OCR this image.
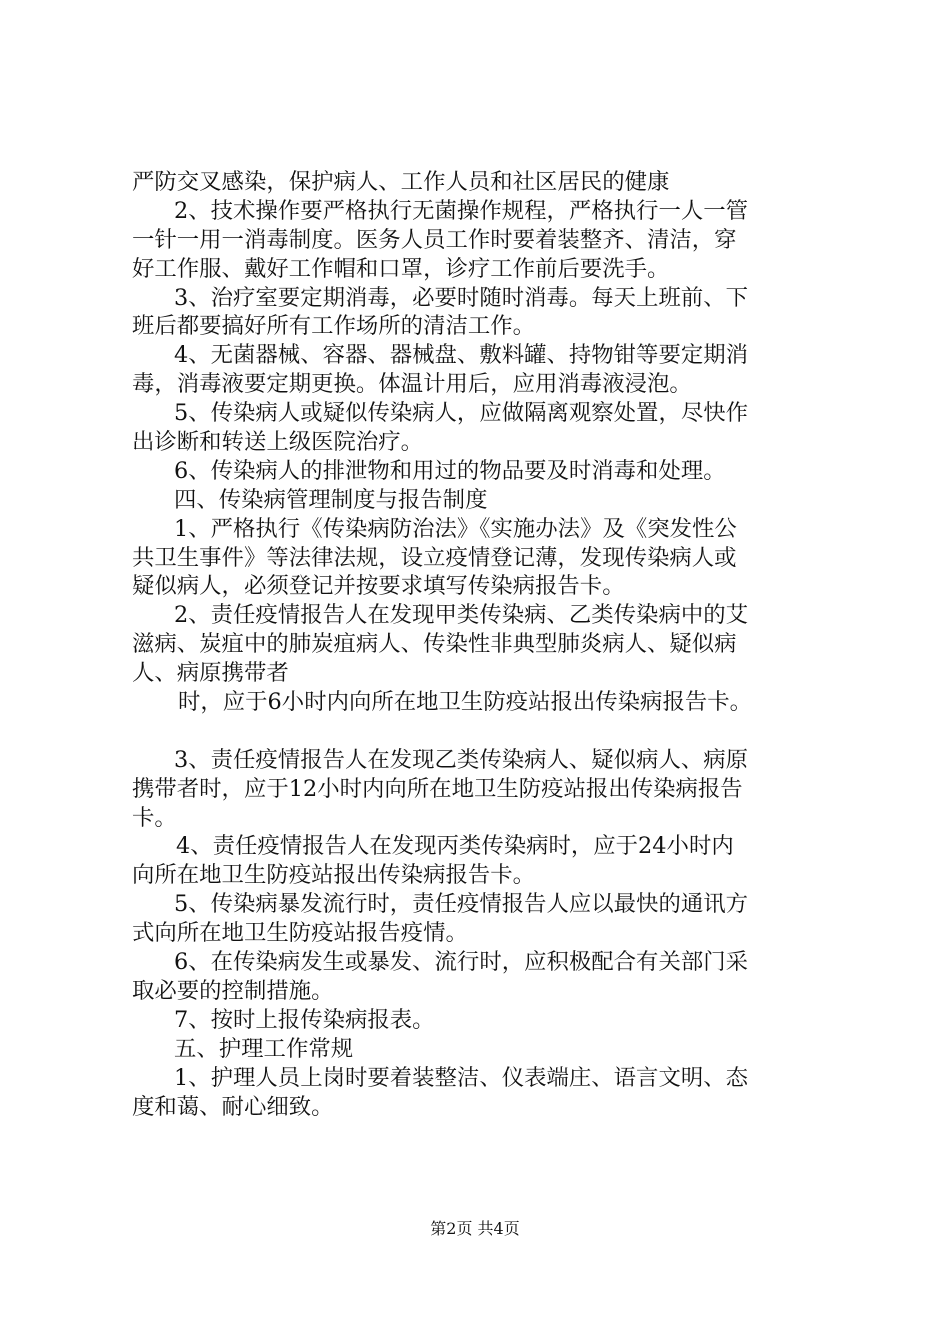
严防交叉感染，保护病人、工作人员和社区居民的健康
2、技术操作要严格执行无菌操作规程，严格执行一人一管
一针一用一消毒制度。医务人员工作时要着装整齐、清洁，穿
好工作服、戴好工作帽和口罩，诊疗工作前后要洗手。
3、治疗室要定期消毒，必要时随时消毒。每天上班前、下
班后都要搞好所有工作场所的清洁工作。
4、无菌器械、容器、器械盘、敷料罐、持物钳等要定期消
毒，消毒液要定期更换。体温计用后，应用消毒液浸泡。
5、传染病人或疑似传染病人，应做隔离观察处置，尽快作
出诊断和转送上级医院治疗。
6、传染病人的排泄物和用过的物品要及时消毒和处理。
四、传染病管理制度与报告制度
1、严格执行《传染病防治法》《实施办法》及《突发性公
共卫生事件》等法律法规，设立疫情登记薄，发现传染病人或
疑似病人，必须登记并按要求填写传染病报告卡。
2、责任疫情报告人在发现甲类传染病、乙类传染病中的艾
滋病、炭疽中的肺炭疽病人、传染性非典型肺炎病人、疑似病
人、病原携带者
时，应于6小时内向所在地卫生防疫站报出传染病报告卡。
3、责任疫情报告人在发现乙类传染病人、疑似病人、病原
携带者时，应于12小时内向所在地卫生防疫站报出传染病报告
卡。
4、责任疫情报告人在发现丙类传染病时，应于24小时内
向所在地卫生防疫站报出传染病报告卡。
5、传染病暴发流行时，责任疫情报告人应以最快的通讯方
式向所在地卫生防疫站报告疫情。
6、在传染病发生或暴发、流行时，应积极配合有关部门采
取必要的控制措施。
7、按时上报传染病报表。
五、护理工作常规
1、护理人员上岗时要着装整洁、仪表端庄、语言文明、态
度和蔼、耐心细致。
第2页 共4页
